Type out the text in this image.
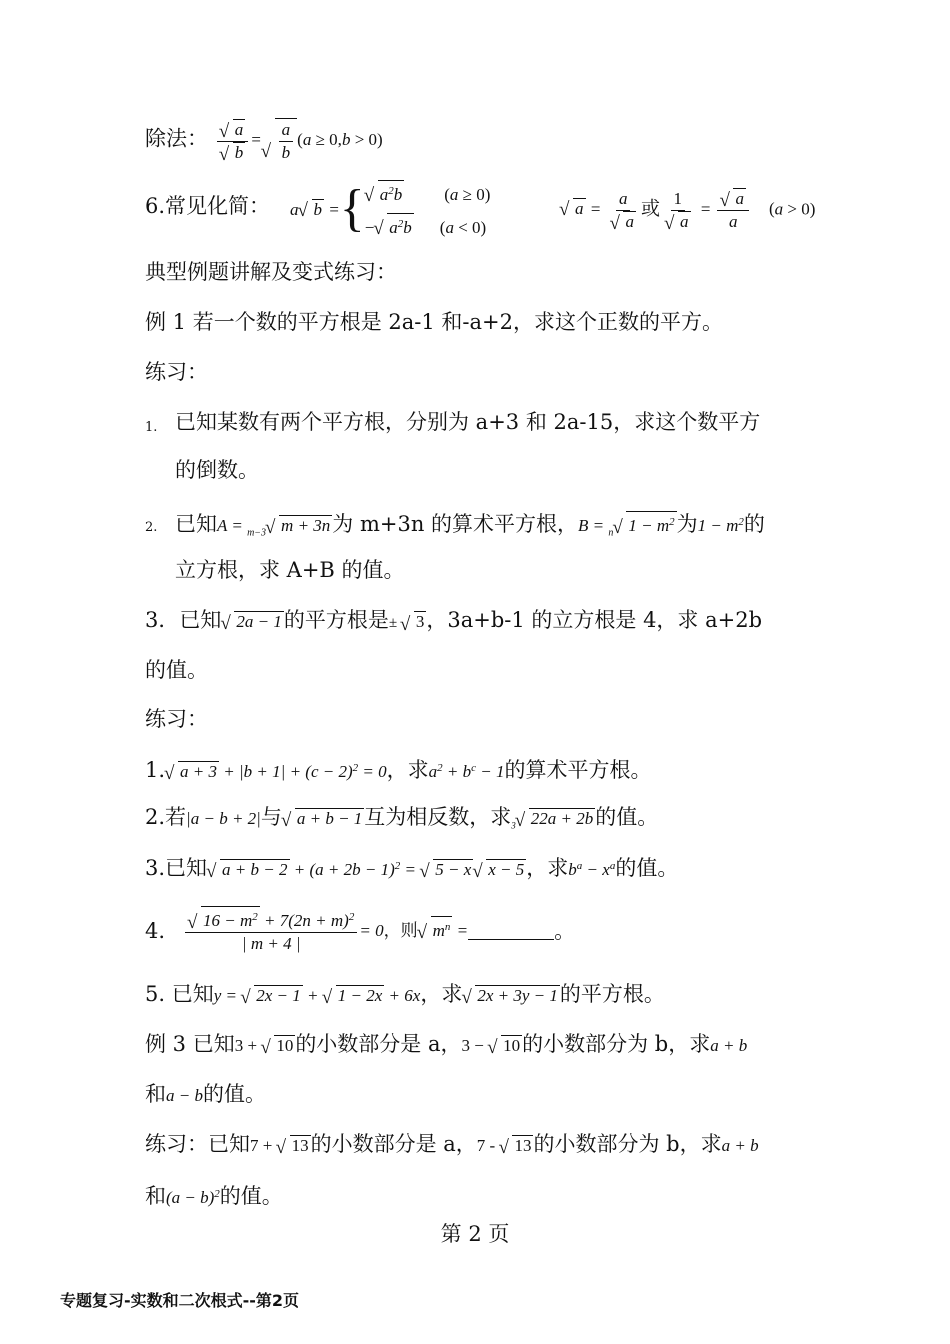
除法： √ a
√ b = √ $\frac{a}{b} (a \ge 0,b > 0)$
6.常见化简： a √ b = { √ $a^2b$ (a ≥ 0)
− √ $a^2b$ (a < 0)
√ a = a
√ a 或 1
√ a = √ $\frac{a}{a} (a > 0)$
典型例题讲解及变式练习：
例 1 若一个数的平方根是 2a-1 和-a+2，求这个正数的平方。
练习：
1. 已知某数有两个平方根，分别为 a+3 和 2a-15，求这个数平方
的倒数。
2. 已知A = $_{m-3}$ √ m + 3n为 m+3n 的算术平方根，B = $_n$ √ $1 - m^2$为$1 - m^2$的
立方根，求 A+B 的值。
3．已知 √ 2a − 1的平方根是± √ 3，3a+b-1 的立方根是 4，求 a+2b
的值。
练习：
1. √ $a + 3 + |b + 1| + (c - 2)^2 = 0$，求$a^2 + b^c - 1$的算术平方根。
2.若|a − b + 2|与 √ a + b − 1互为相反数，求$_3$ √ 22a + 2b的值。
3.已知 √ $a + b - 2 + (a + 2b - 1)^2$ = √ 5 − x √ x − 5，求$b^a - x^a$的值。
4. √ $\frac{16 - m^2 + 7(2n + m)^2}{| m + 4 |} = 0$ ，则 √ $m^n$ =	。
5. 已知y = √ 2x − 1 + √ 1 − 2x + 6x，求 √ 2x + 3y − 1的平方根。
例 3 已知3 + √ 10的小数部分是 a，3 − √ 10的小数部分为 b，求a + b
和a − b的值。
练习：已知7 + √ 13的小数部分是 a，7 - √ 13的小数部分为 b，求a + b
和$(a - b)^2$的值。
第 2 页
专题复习-实数和二次根式--第2页
